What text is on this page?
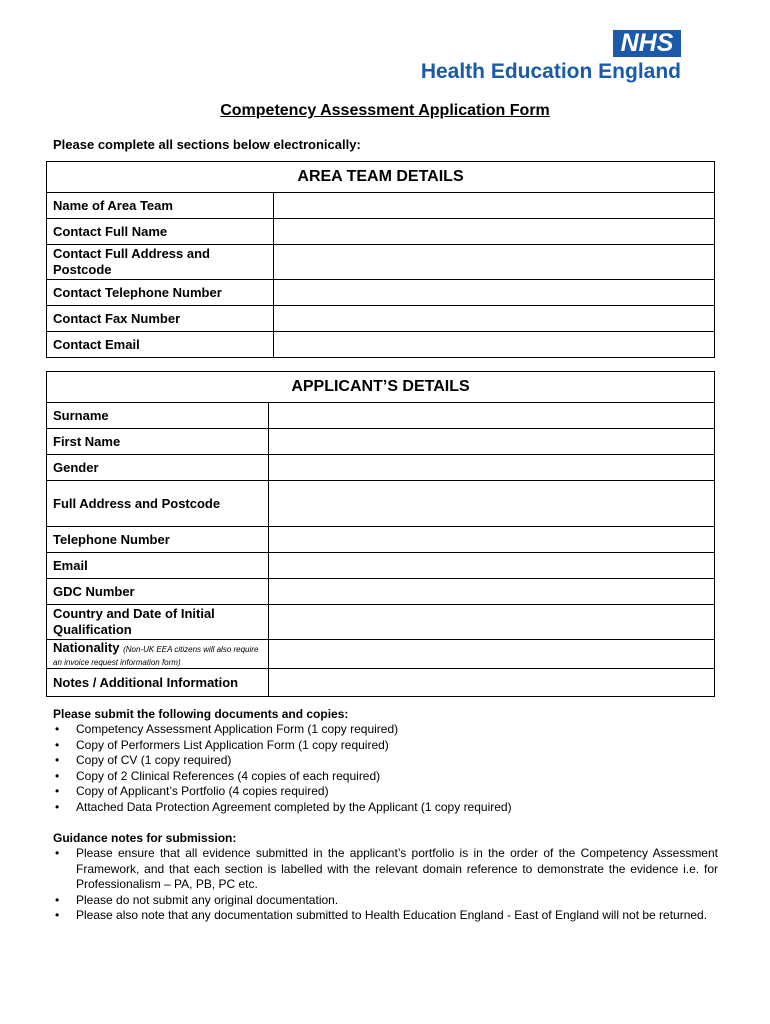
NHS
Health Education England
Competency Assessment Application Form
Please complete all sections below electronically:
AREA TEAM DETAILS	
Name of Area Team	
Contact Full Name	
Contact Full Address and Postcode	
Contact Telephone Number	
Contact Fax Number	
Contact Email	
APPLICANT’S DETAILS	
Surname	
First Name	
Gender	
Full Address and Postcode	
Telephone Number	
Email	
GDC Number	
Country and Date of Initial Qualification	
Nationality (Non-UK EEA citizens will also require an invoice request information form)	
Notes / Additional Information	
Please submit the following documents and copies:
• Competency Assessment Application Form (1 copy required)
• Copy of Performers List Application Form (1 copy required)
• Copy of CV (1 copy required)
• Copy of 2 Clinical References (4 copies of each required)
• Copy of Applicant’s Portfolio (4 copies required)
• Attached Data Protection Agreement completed by the Applicant (1 copy required)
Guidance notes for submission:
• Please ensure that all evidence submitted in the applicant’s portfolio is in the order of the Competency Assessment Framework, and that each section is labelled with the relevant domain reference to demonstrate the evidence i.e. for Professionalism – PA, PB, PC etc.
• Please do not submit any original documentation.
• Please also note that any documentation submitted to Health Education England - East of England will not be returned.
